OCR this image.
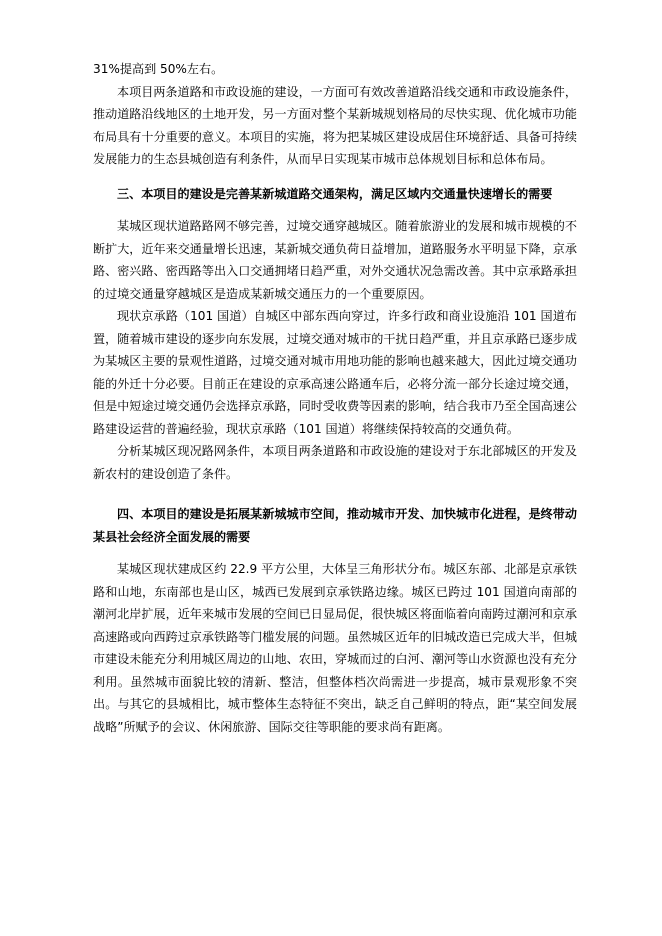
31%提高到 50%左右。

本项目两条道路和市政设施的建设，一方面可有效改善道路沿线交通和市政设施条件，推动道路沿线地区的土地开发，另一方面对整个某新城规划格局的尽快实现、优化城市功能布局具有十分重要的意义。本项目的实施，将为把某城区建设成居住环境舒适、具备可持续发展能力的生态县城创造有利条件，从而早日实现某市城市总体规划目标和总体布局。

三、本项目的建设是完善某新城道路交通架构，满足区域内交通量快速增长的需要

某城区现状道路路网不够完善，过境交通穿越城区。随着旅游业的发展和城市规模的不断扩大，近年来交通量增长迅速，某新城交通负荷日益增加，道路服务水平明显下降，京承路、密兴路、密西路等出入口交通拥堵日趋严重，对外交通状况急需改善。其中京承路承担的过境交通量穿越城区是造成某新城交通压力的一个重要原因。

现状京承路（101 国道）自城区中部东西向穿过，许多行政和商业设施沿 101 国道布置，随着城市建设的逐步向东发展，过境交通对城市的干扰日趋严重，并且京承路已逐步成为某城区主要的景观性道路，过境交通对城市用地功能的影响也越来越大，因此过境交通功能的外迁十分必要。目前正在建设的京承高速公路通车后，必将分流一部分长途过境交通，但是中短途过境交通仍会选择京承路，同时受收费等因素的影响，结合我市乃至全国高速公路建设运营的普遍经验，现状京承路（101 国道）将继续保持较高的交通负荷。

分析某城区现况路网条件，本项目两条道路和市政设施的建设对于东北部城区的开发及新农村的建设创造了条件。

四、本项目的建设是拓展某新城城市空间，推动城市开发、加快城市化进程，是终带动某县社会经济全面发展的需要

某城区现状建成区约 22.9 平方公里，大体呈三角形状分布。城区东部、北部是京承铁路和山地，东南部也是山区，城西已发展到京承铁路边缘。城区已跨过 101 国道向南部的潮河北岸扩展，近年来城市发展的空间已日显局促，很快城区将面临着向南跨过潮河和京承高速路或向西跨过京承铁路等门槛发展的问题。虽然城区近年的旧城改造已完成大半，但城市建设未能充分利用城区周边的山地、农田，穿城而过的白河、潮河等山水资源也没有充分利用。虽然城市面貌比较的清新、整洁，但整体档次尚需进一步提高，城市景观形象不突出。与其它的县城相比，城市整体生态特征不突出，缺乏自己鲜明的特点，距“某空间发展战略”所赋予的会议、休闲旅游、国际交往等职能的要求尚有距离。
